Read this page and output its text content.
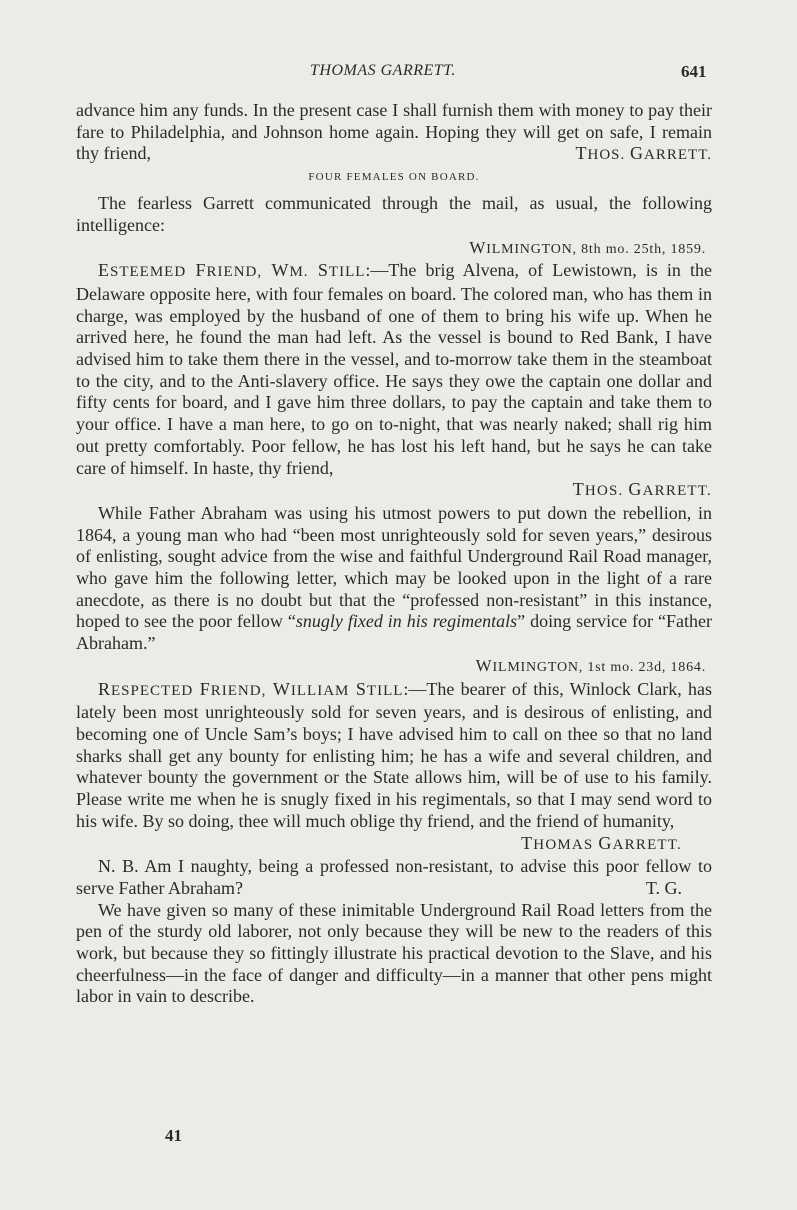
THOMAS GARRETT.	641

advance him any funds. In the present case I shall furnish them with money to pay their fare to Philadelphia, and Johnson home again. Hoping they will get on safe, I remain thy friend,	THOS. GARRETT.

FOUR FEMALES ON BOARD.

The fearless Garrett communicated through the mail, as usual, the following intelligence:

WILMINGTON, 8th mo. 25th, 1859.

ESTEEMED FRIEND, WM. STILL:—The brig Alvena, of Lewistown, is in the Delaware opposite here, with four females on board. The colored man, who has them in charge, was employed by the husband of one of them to bring his wife up. When he arrived here, he found the man had left. As the vessel is bound to Red Bank, I have advised him to take them there in the vessel, and to-morrow take them in the steamboat to the city, and to the Anti-slavery office. He says they owe the captain one dollar and fifty cents for board, and I gave him three dollars, to pay the captain and take them to your office. I have a man here, to go on to-night, that was nearly naked; shall rig him out pretty comfortably. Poor fellow, he has lost his left hand, but he says he can take care of himself. In haste, thy friend,

THOS. GARRETT.

While Father Abraham was using his utmost powers to put down the rebellion, in 1864, a young man who had “been most unrighteously sold for seven years,” desirous of enlisting, sought advice from the wise and faithful Underground Rail Road manager, who gave him the following letter, which may be looked upon in the light of a rare anecdote, as there is no doubt but that the “professed non-resistant” in this instance, hoped to see the poor fellow “snugly fixed in his regimentals” doing service for “Father Abraham.”

WILMINGTON, 1st mo. 23d, 1864.

RESPECTED FRIEND, WILLIAM STILL:—The bearer of this, Winlock Clark, has lately been most unrighteously sold for seven years, and is desirous of enlisting, and becoming one of Uncle Sam’s boys; I have advised him to call on thee so that no land sharks shall get any bounty for enlisting him; he has a wife and several children, and whatever bounty the government or the State allows him, will be of use to his family. Please write me when he is snugly fixed in his regimentals, so that I may send word to his wife. By so doing, thee will much oblige thy friend, and the friend of humanity,

THOMAS GARRETT.

N. B. Am I naughty, being a professed non-resistant, to advise this poor fellow to serve Father Abraham?	T. G.

We have given so many of these inimitable Underground Rail Road letters from the pen of the sturdy old laborer, not only because they will be new to the readers of this work, but because they so fittingly illustrate his practical devotion to the Slave, and his cheerfulness—in the face of danger and difficulty—in a manner that other pens might labor in vain to describe.

41
